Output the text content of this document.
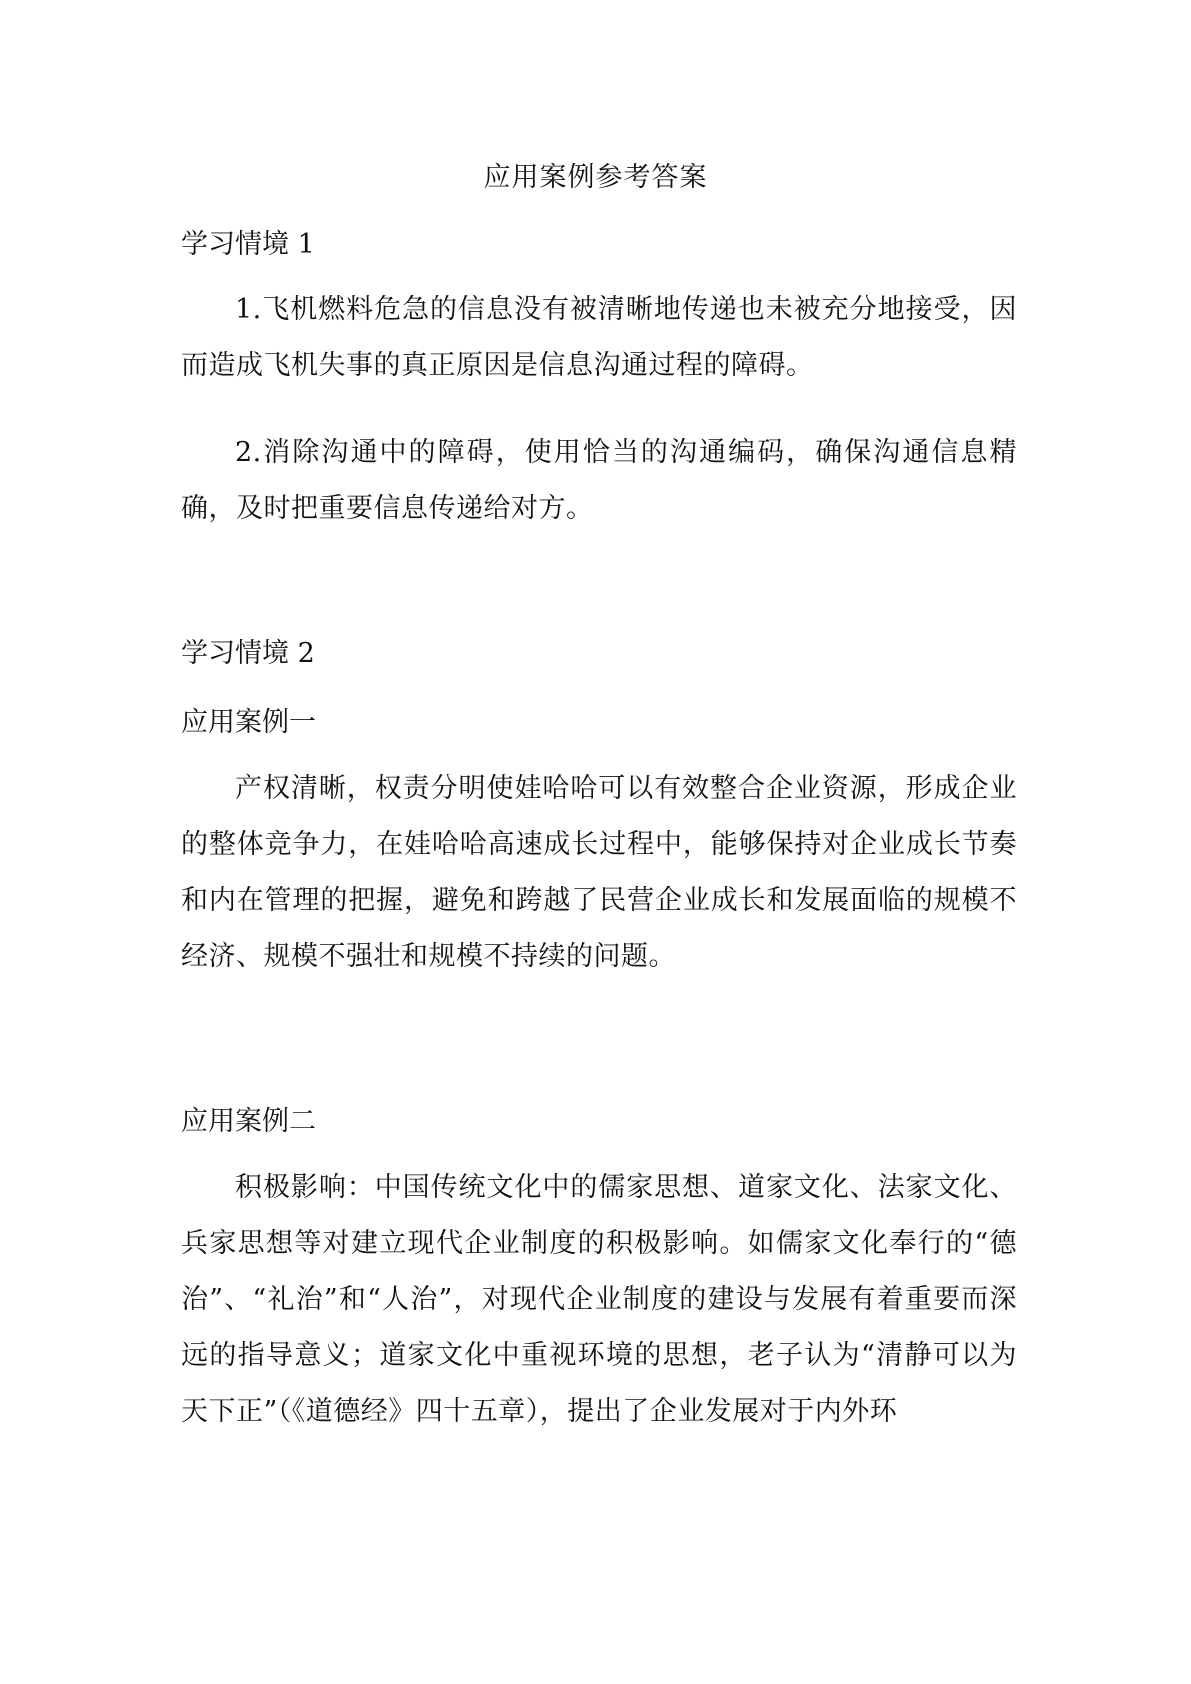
应用案例参考答案
学习情境 1
1.飞机燃料危急的信息没有被清晰地传递也未被充分地接受，因而造成飞机失事的真正原因是信息沟通过程的障碍。
2.消除沟通中的障碍，使用恰当的沟通编码，确保沟通信息精确，及时把重要信息传递给对方。
学习情境 2
应用案例一
产权清晰，权责分明使娃哈哈可以有效整合企业资源，形成企业的整体竞争力，在娃哈哈高速成长过程中，能够保持对企业成长节奏和内在管理的把握，避免和跨越了民营企业成长和发展面临的规模不经济、规模不强壮和规模不持续的问题。
应用案例二
积极影响：中国传统文化中的儒家思想、道家文化、法家文化、兵家思想等对建立现代企业制度的积极影响。如儒家文化奉行的“德治”、“礼治”和“人治”，对现代企业制度的建设与发展有着重要而深远的指导意义；道家文化中重视环境的思想，老子认为“清静可以为天下正”（《道德经》四十五章），提出了企业发展对于内外环
